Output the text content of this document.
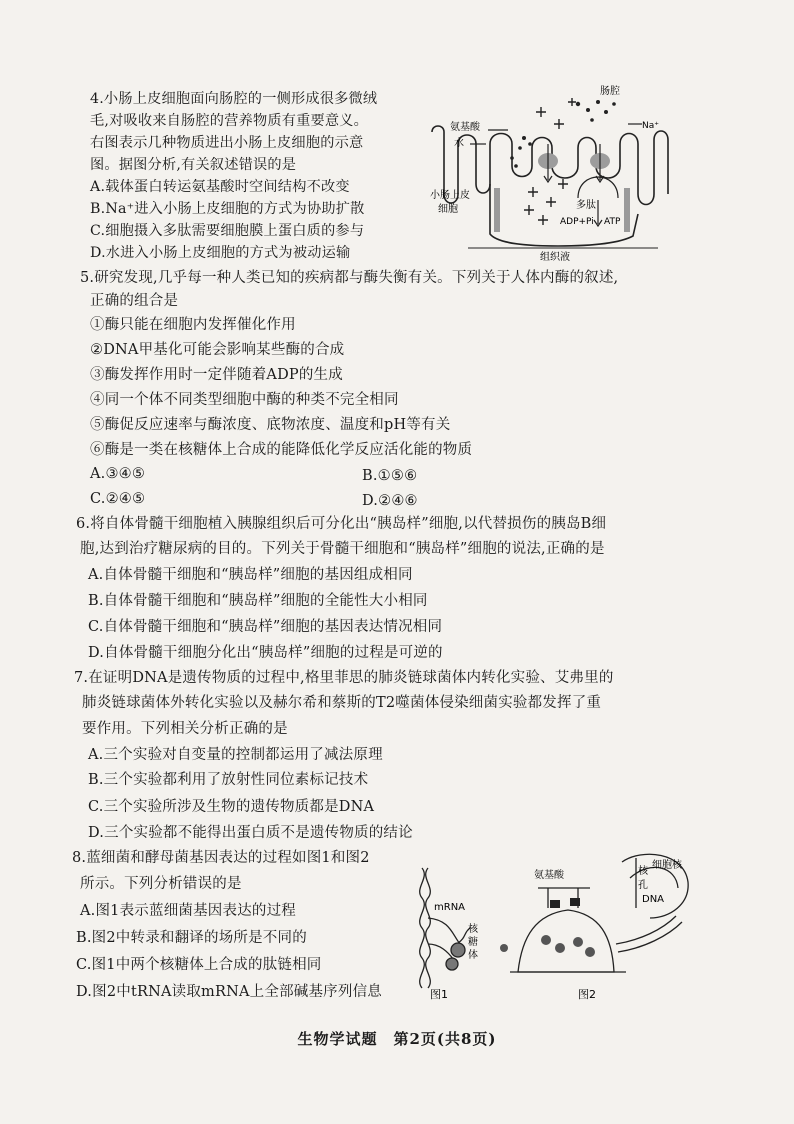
4.小肠上皮细胞面向肠腔的一侧形成很多微绒
毛,对吸收来自肠腔的营养物质有重要意义。
右图表示几种物质进出小肠上皮细胞的示意
图。据图分析,有关叙述错误的是
A.载体蛋白转运氨基酸时空间结构不改变
B.Na⁺进入小肠上皮细胞的方式为协助扩散
C.细胞摄入多肽需要细胞膜上蛋白质的参与
D.水进入小肠上皮细胞的方式为被动运输
肠腔
氨基酸
水
Na⁺
小肠上皮
细胞	多肽
ADP+Pi ATP
组织液
5.研究发现,几乎每一种人类已知的疾病都与酶失衡有关。下列关于人体内酶的叙述,
正确的组合是
①酶只能在细胞内发挥催化作用
②DNA甲基化可能会影响某些酶的合成
③酶发挥作用时一定伴随着ADP的生成
④同一个体不同类型细胞中酶的种类不完全相同
⑤酶促反应速率与酶浓度、底物浓度、温度和pH等有关
⑥酶是一类在核糖体上合成的能降低化学反应活化能的物质
A.③④⑤	B.①⑤⑥
C.②④⑤	D.②④⑥
6.将自体骨髓干细胞植入胰腺组织后可分化出“胰岛样”细胞,以代替损伤的胰岛B细
胞,达到治疗糖尿病的目的。下列关于骨髓干细胞和“胰岛样”细胞的说法,正确的是
A.自体骨髓干细胞和“胰岛样”细胞的基因组成相同
B.自体骨髓干细胞和“胰岛样”细胞的全能性大小相同
C.自体骨髓干细胞和“胰岛样”细胞的基因表达情况相同
D.自体骨髓干细胞分化出“胰岛样”细胞的过程是可逆的
7.在证明DNA是遗传物质的过程中,格里菲思的肺炎链球菌体内转化实验、艾弗里的
肺炎链球菌体外转化实验以及赫尔希和蔡斯的T2噬菌体侵染细菌实验都发挥了重
要作用。下列相关分析正确的是
A.三个实验对自变量的控制都运用了减法原理
B.三个实验都利用了放射性同位素标记技术
C.三个实验所涉及生物的遗传物质都是DNA
D.三个实验都不能得出蛋白质不是遗传物质的结论
8.蓝细菌和酵母菌基因表达的过程如图1和图2
所示。下列分析错误的是
A.图1表示蓝细菌基因表达的过程
B.图2中转录和翻译的场所是不同的
C.图1中两个核糖体上合成的肽链相同
D.图2中tRNA读取mRNA上全部碱基序列信息
mRNA
核
糖
体
图1
氨基酸	核
孔
细胞核
DNA
图2
生物学试题　第2页(共8页)
